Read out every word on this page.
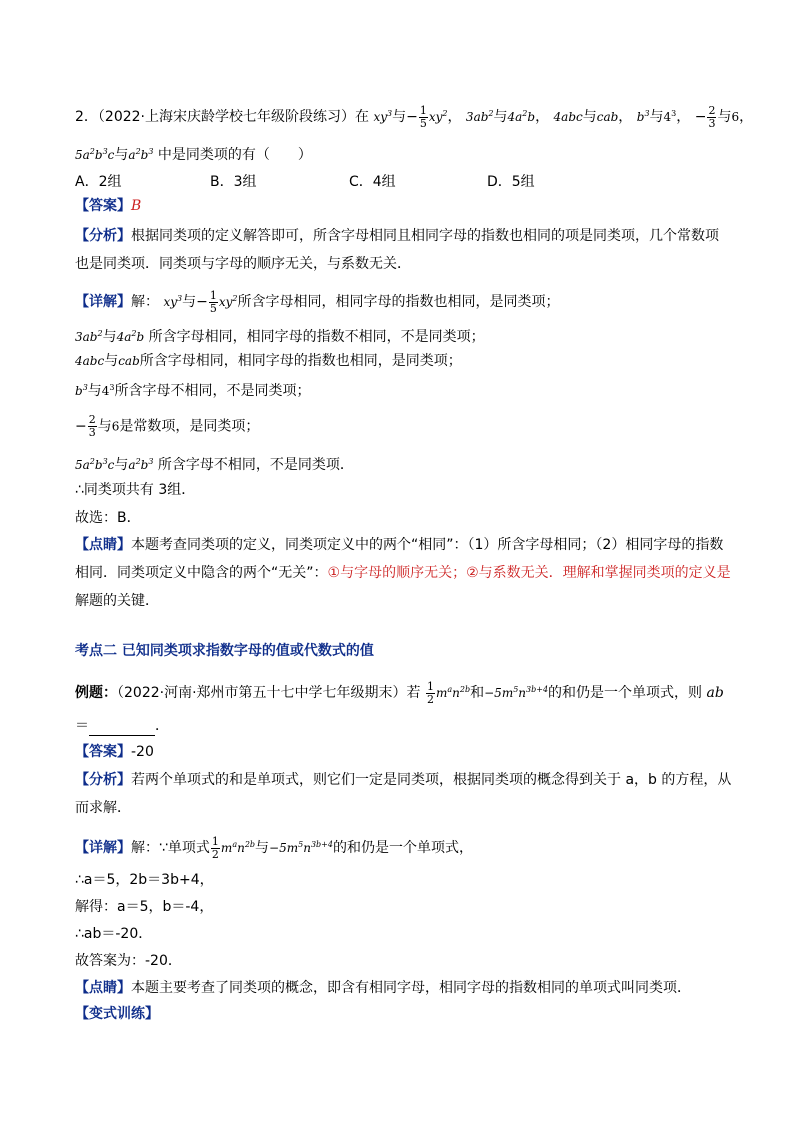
2．（2022·上海宋庆龄学校七年级阶段练习）在 $xy^3$与− $\frac{1}{5} xy^2$， $3ab^2$与$4a^2b$， 4abc与cab， $b^3$与$4^3$， − $\frac{2}{3}$ 与6，
$5a^2b^3c$与$a^2b^3$ 中是同类项的有（　　）
A．2组	B．3组	C．4组	D．5组
【答案】B
【分析】根据同类项的定义解答即可，所含字母相同且相同字母的指数也相同的项是同类项，几个常数项
也是同类项．同类项与字母的顺序无关，与系数无关．
【详解】解： $xy^3$与− $\frac{1}{5} xy^2$所含字母相同，相同字母的指数也相同，是同类项；
$3ab^2$与$4a^2b$ 所含字母相同，相同字母的指数不相同，不是同类项；
4abc与cab所含字母相同，相同字母的指数也相同，是同类项；
$b^3$与$4^3$所含字母不相同，不是同类项；
− $\frac{2}{3}$ 与6是常数项，是同类项；
$5a^2b^3c$与$a^2b^3$ 所含字母不相同，不是同类项．
∴同类项共有 3组．
故选：B．
【点睛】本题考查同类项的定义，同类项定义中的两个“相同”：（1）所含字母相同；（2）相同字母的指数
相同．同类项定义中隐含的两个“无关”：①与字母的顺序无关；②与系数无关．理解和掌握同类项的定义是
解题的关键．
考点二 已知同类项求指数字母的值或代数式的值
例题：（2022·河南·郑州市第五十七中学七年级期末）若 $\frac{1}{2} m^an^{2b}$和$-5m^5n^{3b+4}$的和仍是一个单项式，则 ab
＝	．
【答案】-20
【分析】若两个单项式的和是单项式，则它们一定是同类项，根据同类项的概念得到关于 a，b 的方程，从
而求解．
【详解】解：∵单项式 $\frac{1}{2} m^an^{2b}$与$-5m^5n^{3b+4}$的和仍是一个单项式，
∴a＝5，2b＝3b+4，
解得：a＝5，b＝-4，
∴ab＝-20．
故答案为：-20．
【点睛】本题主要考查了同类项的概念，即含有相同字母，相同字母的指数相同的单项式叫同类项．
【变式训练】
